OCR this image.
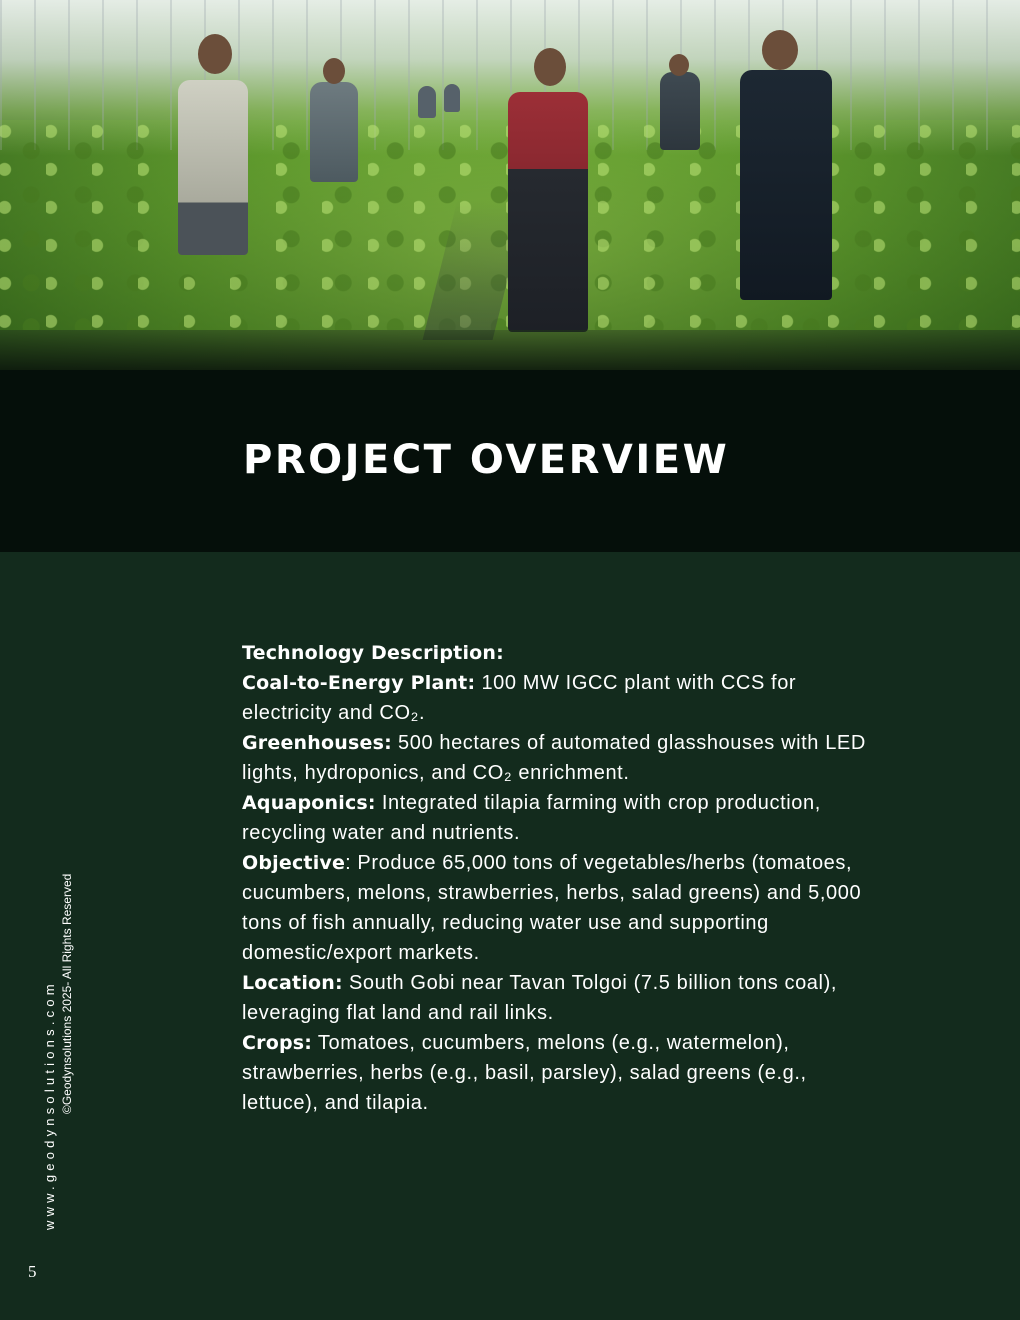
PROJECT OVERVIEW

Technology Description:

Coal-to-Energy Plant: 100 MW IGCC plant with CCS for electricity and CO₂.

Greenhouses: 500 hectares of automated glasshouses with LED lights, hydroponics, and CO₂ enrichment.

Aquaponics: Integrated tilapia farming with crop production, recycling water and nutrients.

Objective: Produce 65,000 tons of vegetables/herbs (tomatoes, cucumbers, melons, strawberries, herbs, salad greens) and 5,000 tons of fish annually, reducing water use and supporting domestic/export markets.

Location: South Gobi near Tavan Tolgoi (7.5 billion tons coal), leveraging flat land and rail links.

Crops: Tomatoes, cucumbers, melons (e.g., watermelon), strawberries, herbs (e.g., basil, parsley), salad greens (e.g., lettuce), and tilapia.

www.geodynsolutions.com ©Geodynsolutions 2025- All Rights Reserved
5
